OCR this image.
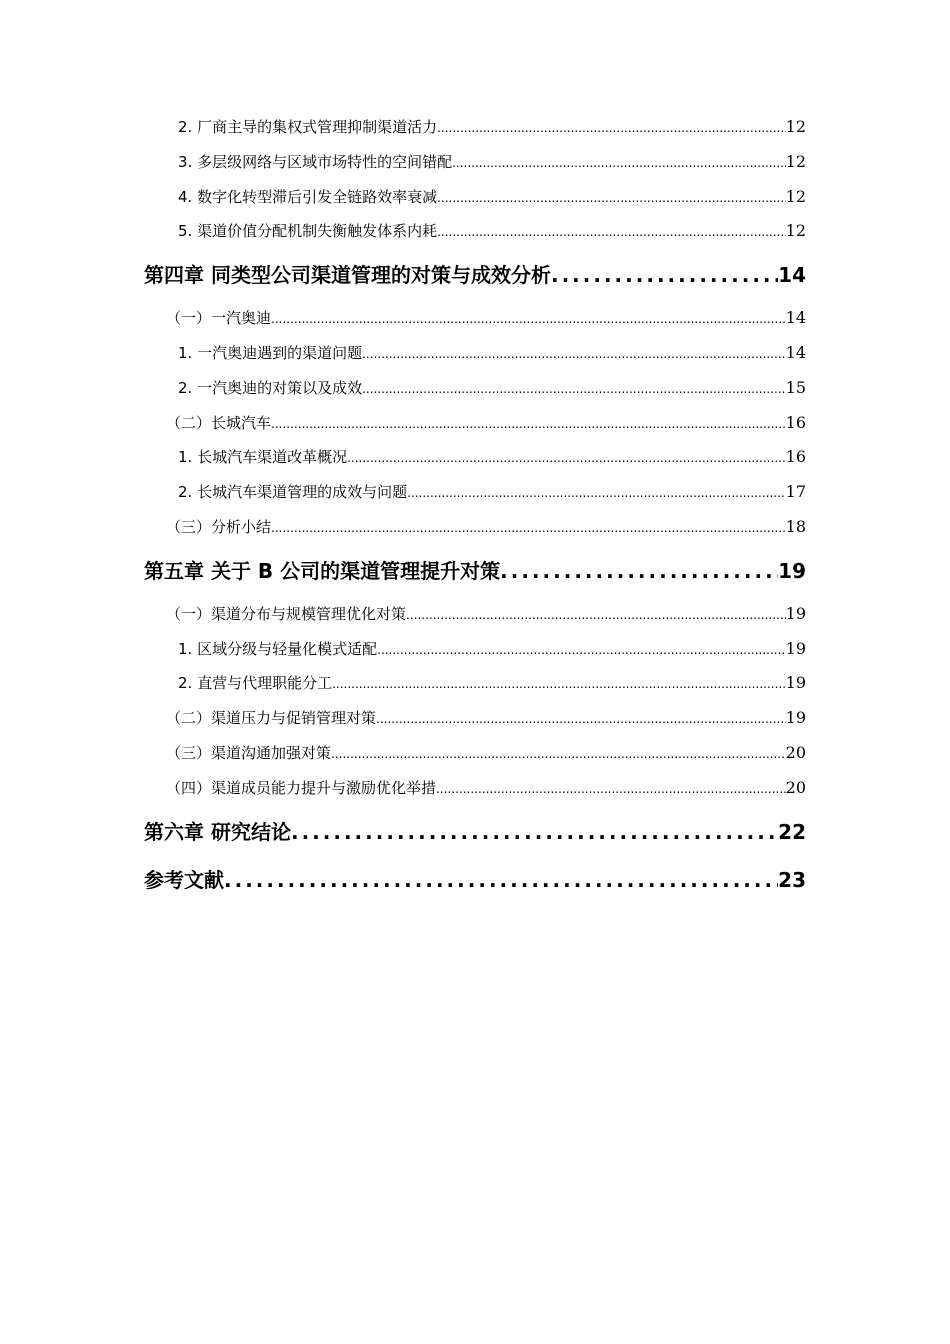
2. 厂商主导的集权式管理抑制渠道活力 .....	12
3. 多层级网络与区域市场特性的空间错配 .....	12
4. 数字化转型滞后引发全链路效率衰减 .....	12
5. 渠道价值分配机制失衡触发体系内耗 .....	12
第四章 同类型公司渠道管理的对策与成效分析 .....	14
（一）一汽奥迪 .....	14
1. 一汽奥迪遇到的渠道问题 .....	14
2. 一汽奥迪的对策以及成效 .....	15
（二）长城汽车 .....	16
1. 长城汽车渠道改革概况 .....	16
2. 长城汽车渠道管理的成效与问题 .....	17
（三）分析小结 .....	18
第五章 关于 B 公司的渠道管理提升对策 .....	19
（一）渠道分布与规模管理优化对策 .....	19
1. 区域分级与轻量化模式适配 .....	19
2. 直营与代理职能分工 .....	19
（二）渠道压力与促销管理对策 .....	19
（三）渠道沟通加强对策 .....	20
（四）渠道成员能力提升与激励优化举措 .....	20
第六章 研究结论 .....	22
参考文献 .....	23
